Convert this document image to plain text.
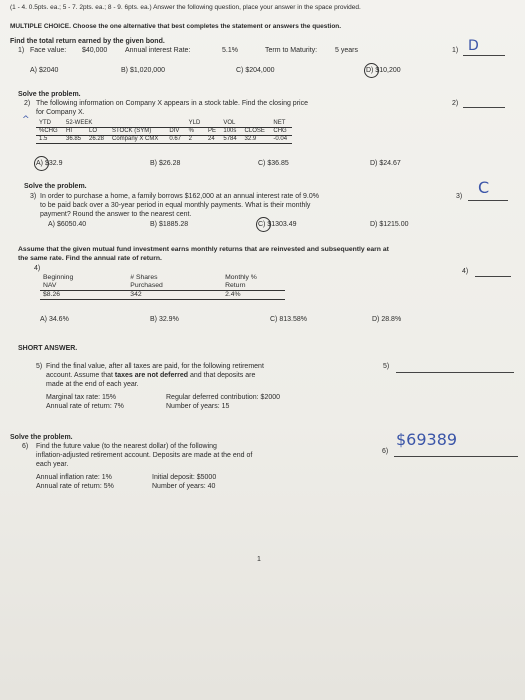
(1 - 4. 0.5pts. ea.; 5 - 7. 2pts. ea.; 8 - 9. 6pts. ea.) Answer the following question, place your answer in the space provided.
MULTIPLE CHOICE. Choose the one alternative that best completes the statement or answers the question.
Find the total return earned by the given bond.
1) Face value: $40,000	Annual interest Rate:	5.1%	Term to Maturity:	5 years	1) D
A) $2040	B) $1,020,000	C) $204,000	D) $10,200
Solve the problem.
2) The following information on Company X appears in a stock table. Find the closing price
for Company X.
2)
^ YTD	52-WEEK				YLD		VOL		NET
%CHG	HI	LO	STOCK (SYM)	DIV	%	PE	100s	CLOSE	CHG
1.5	36.85	26.28	Company X CMX	0.67	2	24	5784	32.9	-0.04
A) $32.9	B) $26.28	C) $36.85	D) $24.67
Solve the problem.
3) In order to purchase a home, a family borrows $162,000 at an annual interest rate of 9.0%
to be paid back over a 30-year period in equal monthly payments. What is their monthly
payment? Round the answer to the nearest cent.
3) C
A) $6050.40	B) $1885.28	C) $1303.49	D) $1215.00
Assume that the given mutual fund investment earns monthly returns that are reinvested and subsequently earn at
the same rate. Find the annual rate of return.
4)	4)
Beginning	# Shares	Monthly %
NAV	Purchased	Return
$8.26	342	2.4%
A) 34.6%	B) 32.9%	C) 813.58%	D) 28.8%
SHORT ANSWER.
5) Find the final value, after all taxes are paid, for the following retirement
account. Assume that taxes are not deferred and that deposits are
made at the end of each year.
5)
Marginal tax rate: 15%	Regular deferred contribution: $2000
Annual rate of return: 7%	Number of years: 15
Solve the problem.
6) Find the future value (to the nearest dollar) of the following
inflation-adjusted retirement account. Deposits are made at the end of
each year.
6)
$69389
Annual inflation rate: 1%	Initial deposit: $5000
Annual rate of return: 5%	Number of years: 40
1
